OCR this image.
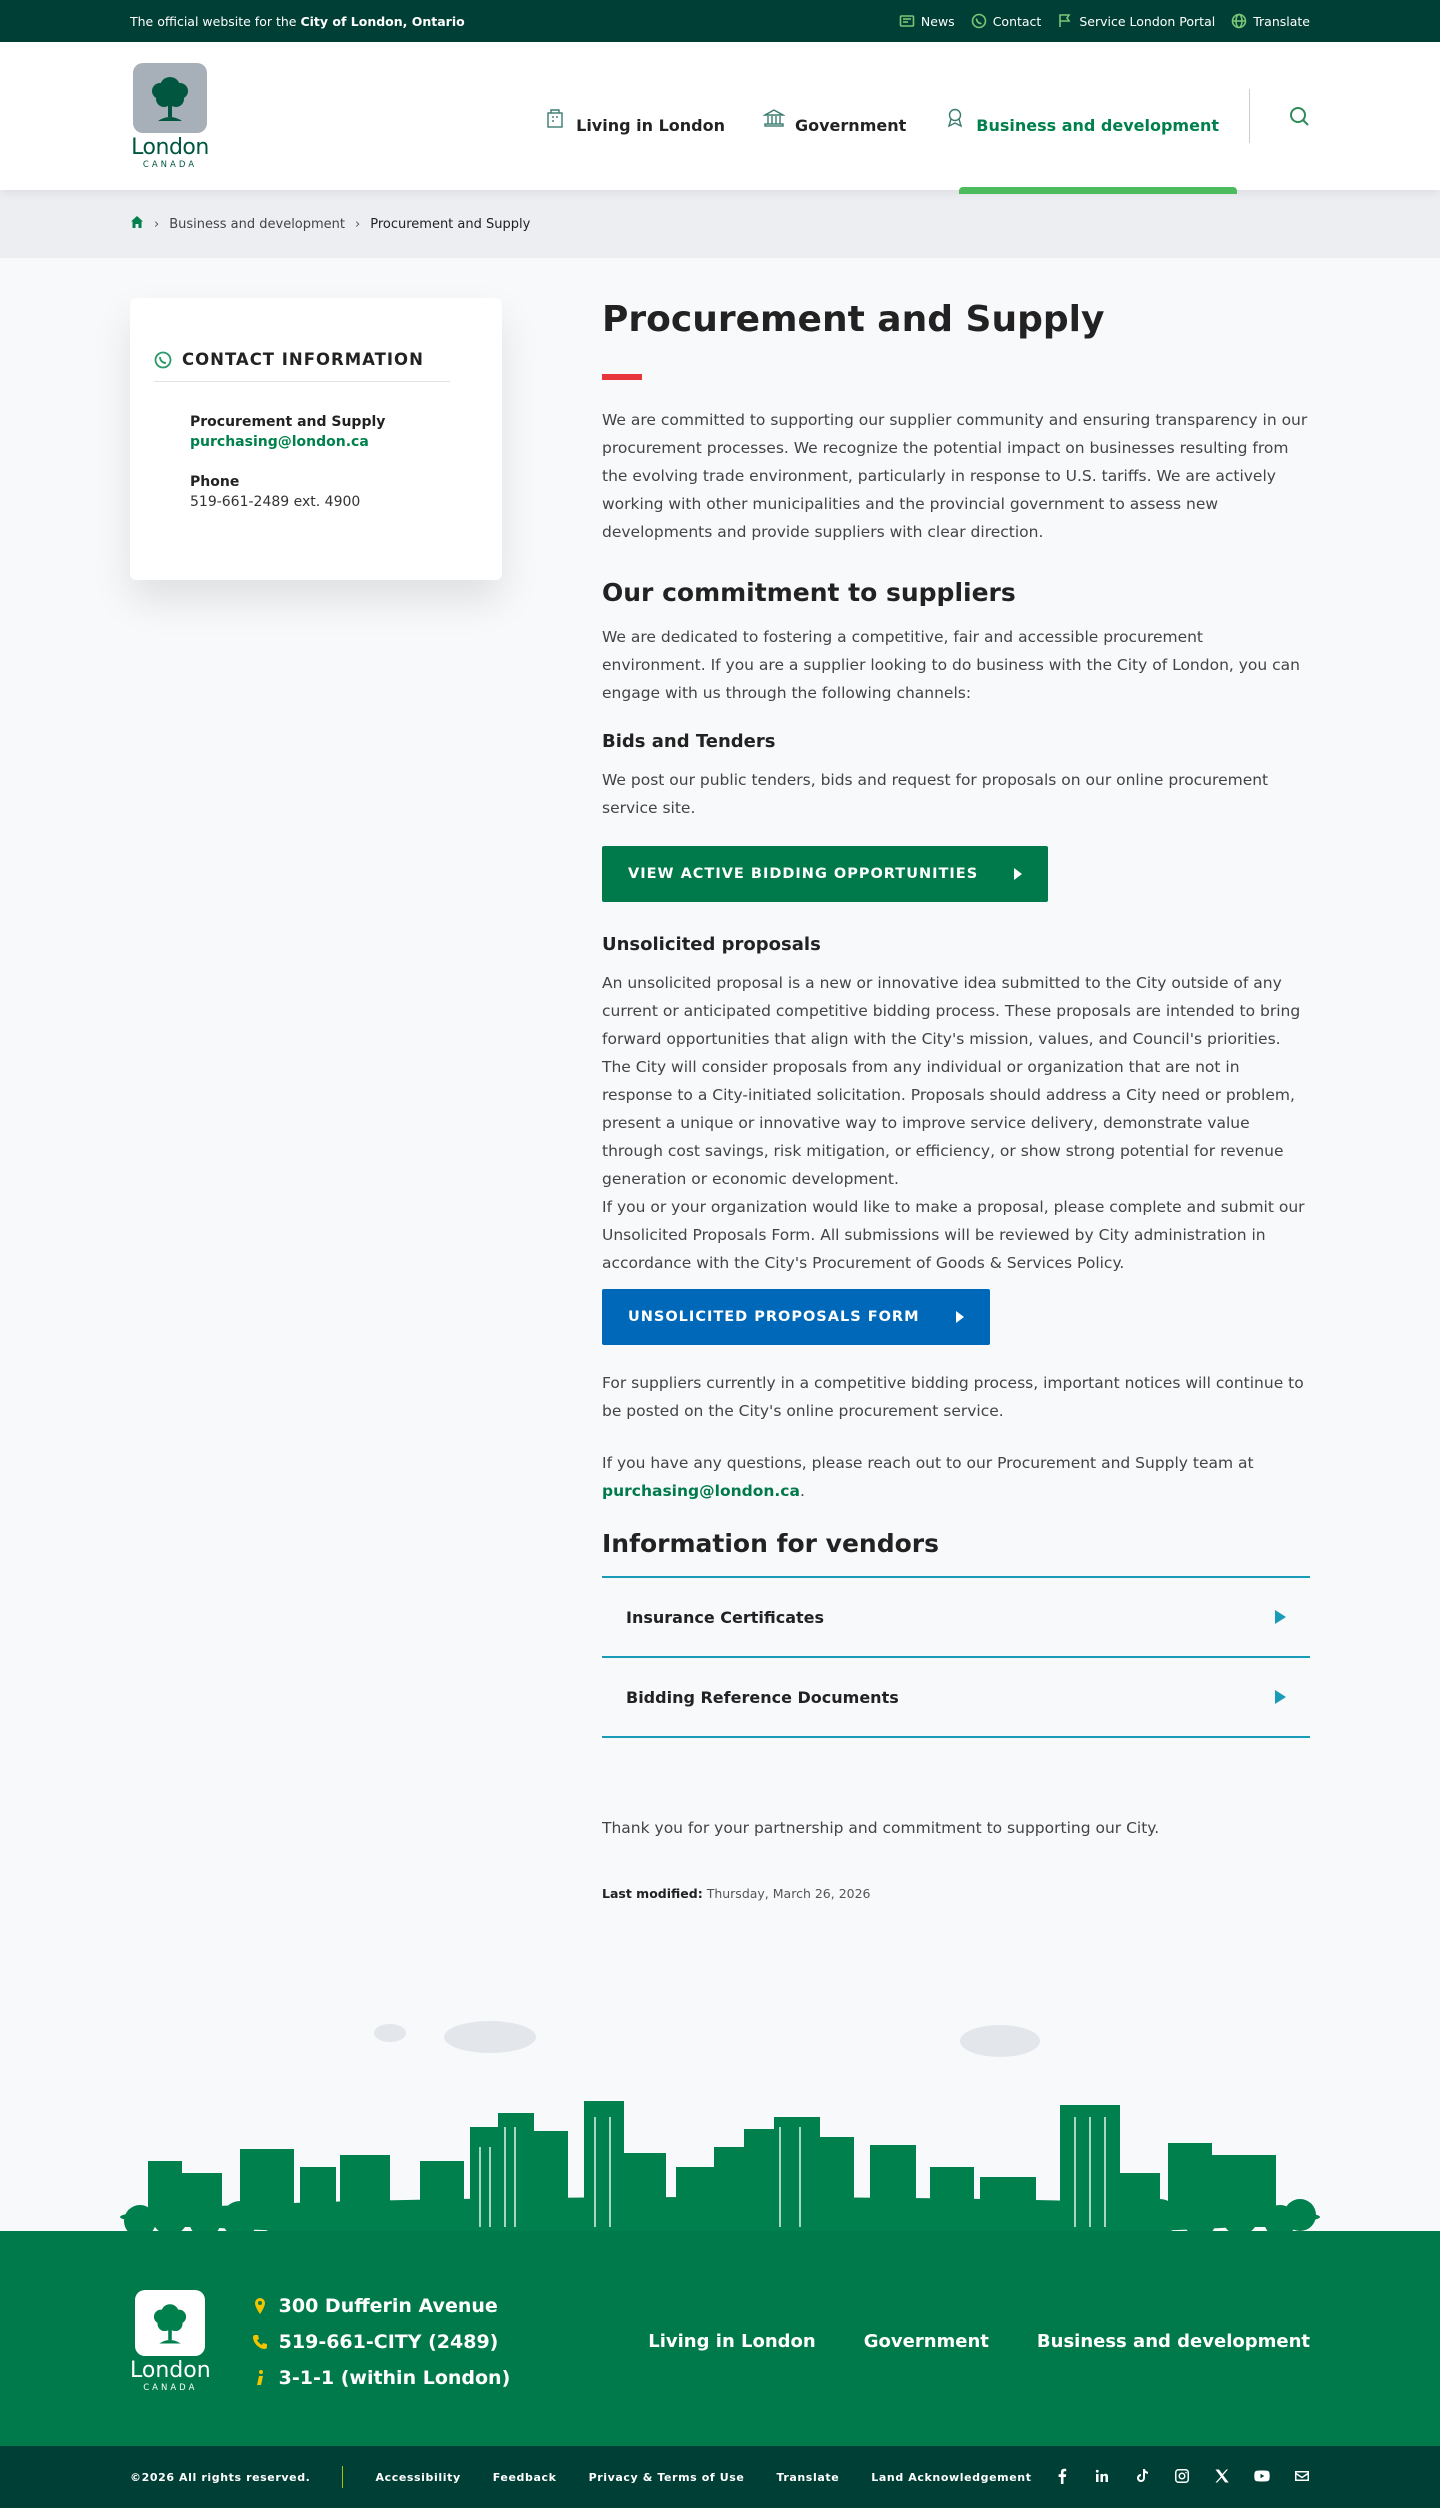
The official website for the City of London, Ontario	News	Contact	Service London Portal	Translate
London
CANADA
Living in London	Government	Business and development
› Business and development › Procurement and Supply
CONTACT INFORMATION
Procurement and Supply
purchasing@london.ca
Phone
519-661-2489 ext. 4900
Procurement and Supply

We are committed to supporting our supplier community and ensuring transparency in our procurement processes. We recognize the potential impact on businesses resulting from the evolving trade environment, particularly in response to U.S. tariffs. We are actively working with other municipalities and the provincial government to assess new developments and provide suppliers with clear direction.

Our commitment to suppliers

We are dedicated to fostering a competitive, fair and accessible procurement environment. If you are a supplier looking to do business with the City of London, you can engage with us through the following channels:

Bids and Tenders

We post our public tenders, bids and request for proposals on our online procurement service site.

VIEW ACTIVE BIDDING OPPORTUNITIES
Unsolicited proposals

An unsolicited proposal is a new or innovative idea submitted to the City outside of any current or anticipated competitive bidding process. These proposals are intended to bring forward opportunities that align with the City's mission, values, and Council's priorities.

The City will consider proposals from any individual or organization that are not in response to a City-initiated solicitation. Proposals should address a City need or problem, present a unique or innovative way to improve service delivery, demonstrate value through cost savings, risk mitigation, or efficiency, or show strong potential for revenue generation or economic development.

If you or your organization would like to make a proposal, please complete and submit our Unsolicited Proposals Form. All submissions will be reviewed by City administration in accordance with the City's Procurement of Goods & Services Policy.

UNSOLICITED PROPOSALS FORM

For suppliers currently in a competitive bidding process, important notices will continue to be posted on the City's online procurement service.

If you have any questions, please reach out to our Procurement and Supply team at purchasing@london.ca.

Information for vendors
Insurance Certificates
Bidding Reference Documents

Thank you for your partnership and commitment to supporting our City.

Last modified: Thursday, March 26, 2026
London
CANADA
300 Dufferin Avenue
519-661-CITY (2489)
3-1-1 (within London)
Living in London	Government	Business and development
©2026 All rights reserved.	Accessibility	Feedback	Privacy & Terms of Use	Translate	Land Acknowledgement
